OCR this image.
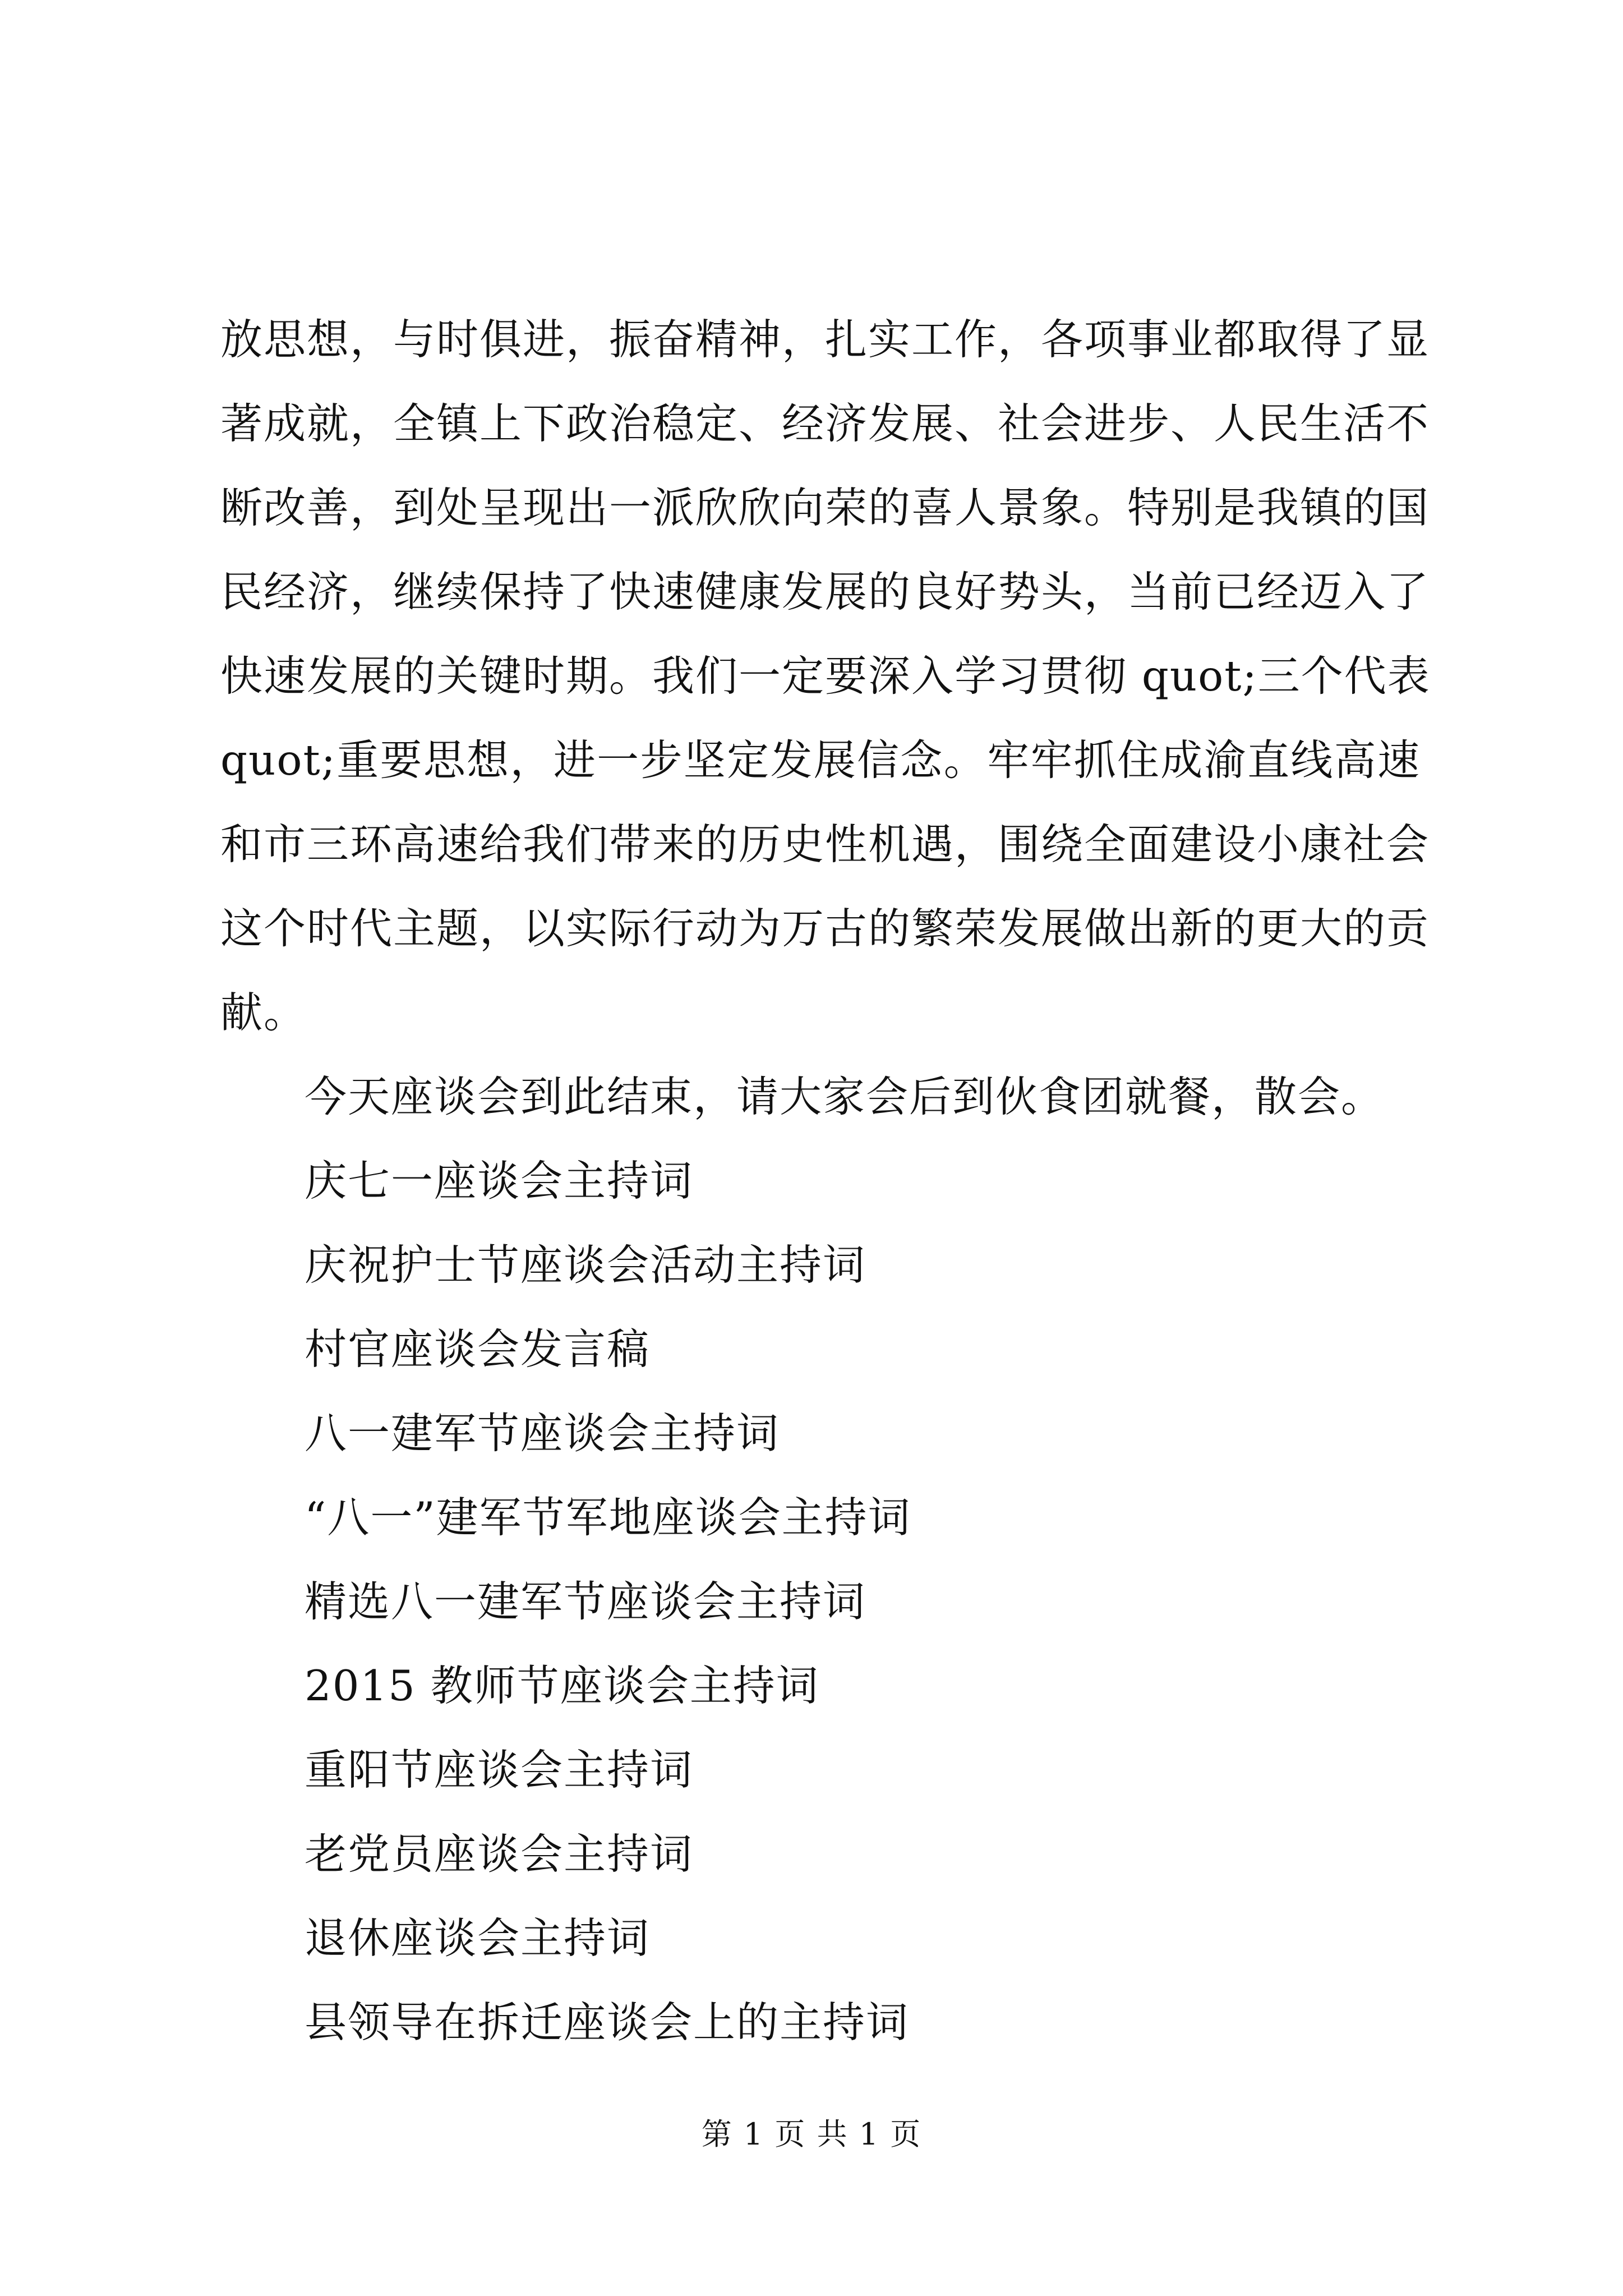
放思想，与时俱进，振奋精神，扎实工作，各项事业都取得了显
著成就，全镇上下政治稳定、经济发展、社会进步、人民生活不
断改善，到处呈现出一派欣欣向荣的喜人景象。特别是我镇的国
民经济，继续保持了快速健康发展的良好势头，当前已经迈入了
快速发展的关键时期。我们一定要深入学习贯彻 quot;三个代表
quot;重要思想，进一步坚定发展信念。牢牢抓住成渝直线高速
和市三环高速给我们带来的历史性机遇，围绕全面建设小康社会
这个时代主题，以实际行动为万古的繁荣发展做出新的更大的贡
献。
今天座谈会到此结束，请大家会后到伙食团就餐，散会。
庆七一座谈会主持词
庆祝护士节座谈会活动主持词
村官座谈会发言稿
八一建军节座谈会主持词
“八一”建军节军地座谈会主持词
精选八一建军节座谈会主持词
2015 教师节座谈会主持词
重阳节座谈会主持词
老党员座谈会主持词
退休座谈会主持词
县领导在拆迁座谈会上的主持词
第 1 页 共 1 页
